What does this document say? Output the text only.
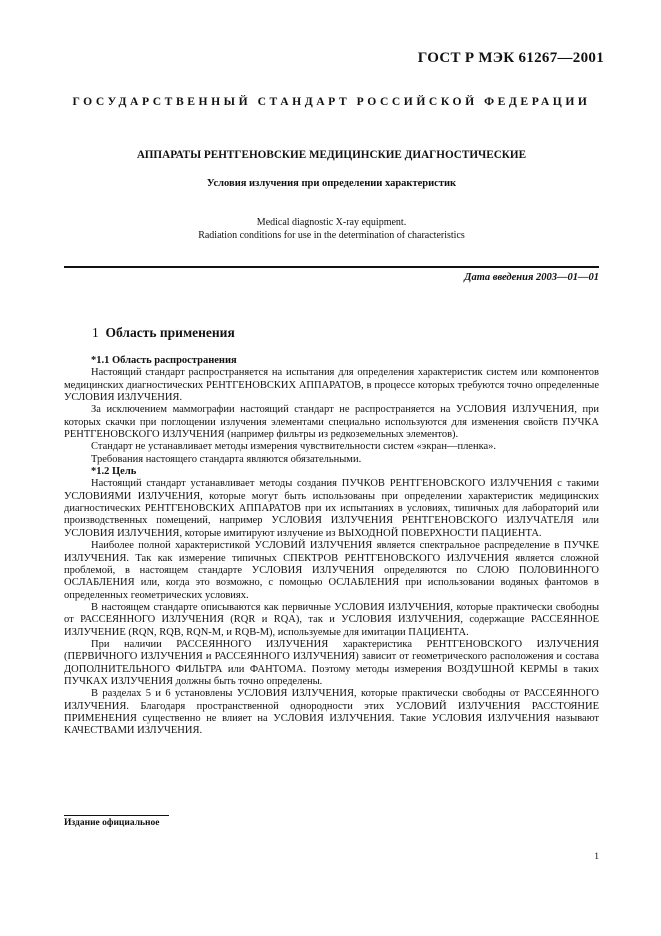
ГОСТ Р МЭК 61267—2001
ГОСУДАРСТВЕННЫЙ СТАНДАРТ РОССИЙСКОЙ ФЕДЕРАЦИИ
АППАРАТЫ РЕНТГЕНОВСКИЕ МЕДИЦИНСКИЕ ДИАГНОСТИЧЕСКИЕ
Условия излучения при определении характеристик
Medical diagnostic X-ray equipment.
Radiation conditions for use in the determination of characteristics
Дата введения 2003—01—01
1 Область применения

*1.1 Область распространения

Настоящий стандарт распространяется на испытания для определения характеристик систем или компонентов медицинских диагностических РЕНТГЕНОВСКИХ АППАРАТОВ, в процессе которых требуются точно определенные УСЛОВИЯ ИЗЛУЧЕНИЯ.

За исключением маммографии настоящий стандарт не распространяется на УСЛОВИЯ ИЗЛУЧЕНИЯ, при которых скачки при поглощении излучения элементами специально используются для изменения свойств ПУЧКА РЕНТГЕНОВСКОГО ИЗЛУЧЕНИЯ (например фильтры из редкоземельных элементов).

Стандарт не устанавливает методы измерения чувствительности систем «экран—пленка».

Требования настоящего стандарта являются обязательными.

*1.2 Цель

Настоящий стандарт устанавливает методы создания ПУЧКОВ РЕНТГЕНОВСКОГО ИЗЛУЧЕНИЯ с такими УСЛОВИЯМИ ИЗЛУЧЕНИЯ, которые могут быть использованы при определении характеристик медицинских диагностических РЕНТГЕНОВСКИХ АППАРАТОВ при их испытаниях в условиях, типичных для лабораторий или производственных помещений, например УСЛОВИЯ ИЗЛУЧЕНИЯ РЕНТГЕНОВСКОГО ИЗЛУЧАТЕЛЯ или УСЛОВИЯ ИЗЛУЧЕНИЯ, которые имитируют излучение из ВЫХОДНОЙ ПОВЕРХНОСТИ ПАЦИЕНТА.

Наиболее полной характеристикой УСЛОВИЙ ИЗЛУЧЕНИЯ является спектральное распределение в ПУЧКЕ ИЗЛУЧЕНИЯ. Так как измерение типичных СПЕКТРОВ РЕНТГЕНОВСКОГО ИЗЛУЧЕНИЯ является сложной проблемой, в настоящем стандарте УСЛОВИЯ ИЗЛУЧЕНИЯ определяются по СЛОЮ ПОЛОВИННОГО ОСЛАБЛЕНИЯ или, когда это возможно, с помощью ОСЛАБЛЕНИЯ при использовании водяных фантомов в определенных геометрических условиях.

В настоящем стандарте описываются как первичные УСЛОВИЯ ИЗЛУЧЕНИЯ, которые практически свободны от РАССЕЯННОГО ИЗЛУЧЕНИЯ (RQR и RQA), так и УСЛОВИЯ ИЗЛУЧЕНИЯ, содержащие РАССЕЯННОЕ ИЗЛУЧЕНИЕ (RQN, RQB, RQN-M, и RQB-M), используемые для имитации ПАЦИЕНТА.

При наличии РАССЕЯННОГО ИЗЛУЧЕНИЯ характеристика РЕНТГЕНОВСКОГО ИЗЛУЧЕНИЯ (ПЕРВИЧНОГО ИЗЛУЧЕНИЯ и РАССЕЯННОГО ИЗЛУЧЕНИЯ) зависит от геометрического расположения и состава ДОПОЛНИТЕЛЬНОГО ФИЛЬТРА или ФАНТОМА. Поэтому методы измерения ВОЗДУШНОЙ КЕРМЫ в таких ПУЧКАХ ИЗЛУЧЕНИЯ должны быть точно определены.

В разделах 5 и 6 установлены УСЛОВИЯ ИЗЛУЧЕНИЯ, которые практически свободны от РАССЕЯННОГО ИЗЛУЧЕНИЯ. Благодаря пространственной однородности этих УСЛОВИЙ ИЗЛУЧЕНИЯ РАССТОЯНИЕ ПРИМЕНЕНИЯ существенно не влияет на УСЛОВИЯ ИЗЛУЧЕНИЯ. Такие УСЛОВИЯ ИЗЛУЧЕНИЯ называют КАЧЕСТВАМИ ИЗЛУЧЕНИЯ.

Издание официальное
1
